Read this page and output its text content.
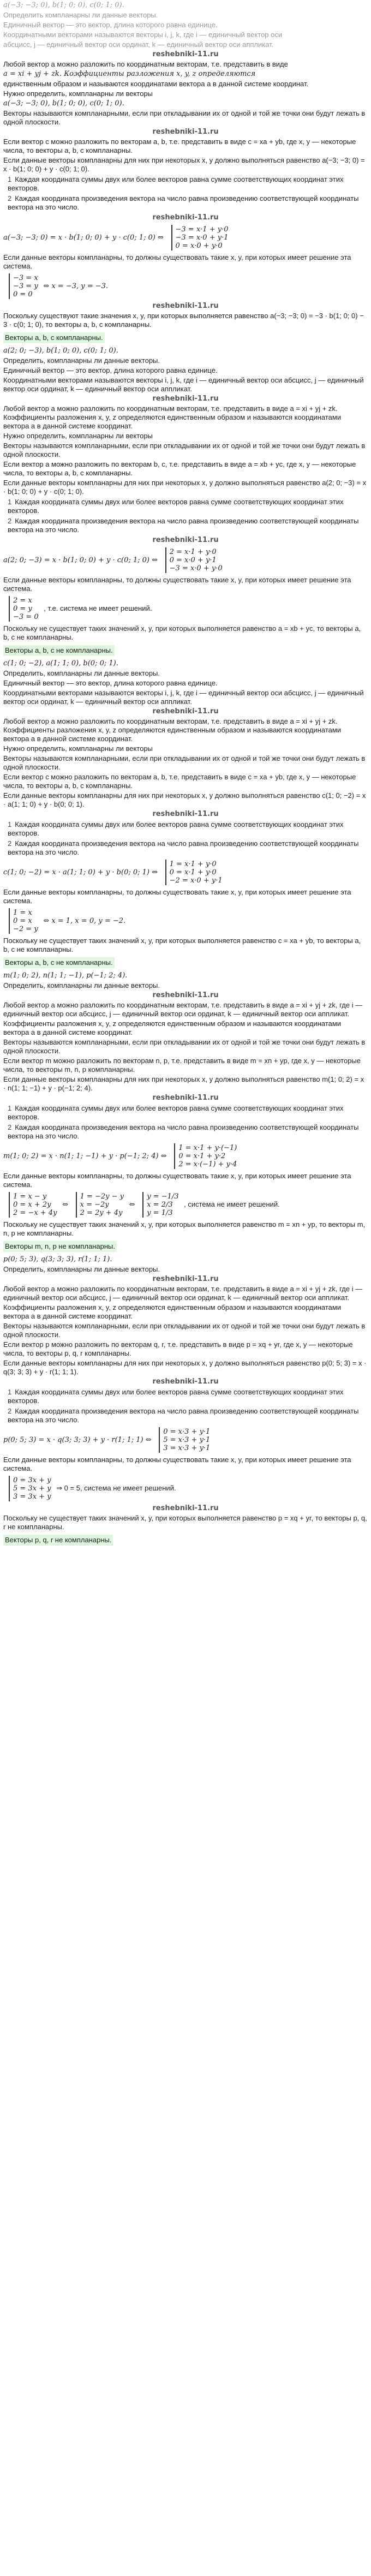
a(−3; −3; 0), b(1; 0; 0), c(0; 1; 0).
Определить компланарны ли данные векторы.
Единичный вектор — это вектор, длина которого равна единице.
Координатными векторами называются векторы i, j, k, где i — единичный вектор оси
абсцисс, j — единичный вектор оси ординат, k — единичный вектор оси аппликат.
reshebniki-11.ru
Любой вектор a можно разложить по координатным векторам, т.е. представить в виде
a = xi + yj + zk. Коэффициенты разложения x, y, z определяются
единственным образом и называются координатами вектора a в данной системе координат.
Нужно определить, компланарны ли векторы
a(−3; −3; 0), b(1; 0; 0), c(0; 1; 0).
Векторы называются компланарными, если при откладывании их от одной и той же точки они будут лежать в одной плоскости.
reshebniki-11.ru
Если вектор c можно разложить по векторам a, b, т.е. представить в виде c = xa + yb, где x, y — некоторые числа, то векторы a, b, c компланарны.
Если данные векторы компланарны для них при некоторых x, y должно выполняться равенство a(−3; −3; 0) = x · b(1; 0; 0) + y · c(0; 1; 0).
1 Каждая координата суммы двух или более векторов равна сумме соответствующих координат этих векторов.
2 Каждая координата произведения вектора на число равна произведению соответствующей координаты вектора на это число.
reshebniki-11.ru
a(−3; −3; 0) = x · b(1; 0; 0) + y · c(0; 1; 0) ⇔
−3 = x·1 + y·0
−3 = x·0 + y·1
0 = x·0 + y·0
Если данные векторы компланарны, то должны существовать такие x, y, при которых имеет решение эта система.
−3 = x
−3 = y
0 = 0
⇔ x = −3, y = −3.
reshebniki-11.ru
Поскольку существуют такие значения x, y, при которых выполняется равенство a(−3; −3; 0) = −3 · b(1; 0; 0) − 3 · c(0; 1; 0), то векторы a, b, c компланарны.
Векторы a, b, c компланарны.
a(2; 0; −3), b(1; 0; 0), c(0; 1; 0).
Определить, компланарны ли данные векторы.
Единичный вектор — это вектор, длина которого равна единице.
Координатными векторами называются векторы i, j, k, где i — единичный вектор оси абсцисс, j — единичный вектор оси ординат, k — единичный вектор оси аппликат.
reshebniki-11.ru
Любой вектор a можно разложить по координатным векторам, т.е. представить в виде a = xi + yj + zk. Коэффициенты разложения x, y, z определяются единственным образом и называются координатами вектора a в данной системе координат.
Нужно определить, компланарны ли векторы
Векторы называются компланарными, если при откладывании их от одной и той же точки они будут лежать в одной плоскости.
Если вектор a можно разложить по векторам b, c, т.е. представить в виде a = xb + yc, где x, y — некоторые числа, то векторы a, b, c компланарны.
Если данные векторы компланарны для них при некоторых x, y должно выполняться равенство a(2; 0; −3) = x · b(1; 0; 0) + y · c(0; 1; 0).
1 Каждая координата суммы двух или более векторов равна сумме соответствующих координат этих векторов.
2 Каждая координата произведения вектора на число равна произведению соответствующей координаты вектора на это число.
reshebniki-11.ru
a(2; 0; −3) = x · b(1; 0; 0) + y · c(0; 1; 0) ⇔
2 = x·1 + y·0
0 = x·0 + y·1
−3 = x·0 + y·0
Если данные векторы компланарны, то должны существовать такие x, y, при которых имеет решение эта система.
2 = x
0 = y
−3 = 0
, т.е. система не имеет решений.
Поскольку не существует таких значений x, y, при которых выполняется равенство a = xb + yc, то векторы a, b, c не компланарны.
Векторы a, b, c не компланарны.
c(1; 0; −2), a(1; 1; 0), b(0; 0; 1).
Определить, компланарны ли данные векторы.
Единичный вектор — это вектор, длина которого равна единице.
Координатными векторами называются векторы i, j, k, где i — единичный вектор оси абсцисс, j — единичный вектор оси ординат, k — единичный вектор оси аппликат.
reshebniki-11.ru
Любой вектор a можно разложить по координатным векторам, т.е. представить в виде a = xi + yj + zk. Коэффициенты разложения x, y, z определяются единственным образом и называются координатами вектора a в данной системе координат.
Нужно определить, компланарны ли векторы
Векторы называются компланарными, если при откладывании их от одной и той же точки они будут лежать в одной плоскости.
Если вектор c можно разложить по векторам a, b, т.е. представить в виде c = xa + yb, где x, y — некоторые числа, то векторы a, b, c компланарны.
Если данные векторы компланарны для них при некоторых x, y должно выполняться равенство c(1; 0; −2) = x · a(1; 1; 0) + y · b(0; 0; 1).
reshebniki-11.ru
1 Каждая координата суммы двух или более векторов равна сумме соответствующих координат этих векторов.
2 Каждая координата произведения вектора на число равна произведению соответствующей координаты вектора на это число.
c(1; 0; −2) = x · a(1; 1; 0) + y · b(0; 0; 1) ⇔
1 = x·1 + y·0
0 = x·1 + y·0
−2 = x·0 + y·1
Если данные векторы компланарны, то должны существовать такие x, y, при которых имеет решение эта система.
1 = x
0 = x
−2 = y
⇔ x = 1, x = 0, y = −2.
Поскольку не существует таких значений x, y, при которых выполняется равенство c = xa + yb, то векторы a, b, c не компланарны.
Векторы a, b, c не компланарны.
m(1; 0; 2), n(1; 1; −1), p(−1; 2; 4).
Определить, компланарны ли данные векторы.
reshebniki-11.ru
Любой вектор a можно разложить по координатным векторам, т.е. представить в виде a = xi + yj + zk, где i — единичный вектор оси абсцисс, j — единичный вектор оси ординат, k — единичный вектор оси аппликат.
Коэффициенты разложения x, y, z определяются единственным образом и называются координатами вектора a в данной системе координат.
Векторы называются компланарными, если при откладывании их от одной и той же точки они будут лежать в одной плоскости.
Если вектор m можно разложить по векторам n, p, т.е. представить в виде m = xn + yp, где x, y — некоторые числа, то векторы m, n, p компланарны.
Если данные векторы компланарны для них при некоторых x, y должно выполняться равенство m(1; 0; 2) = x · n(1; 1; −1) + y · p(−1; 2; 4).
reshebniki-11.ru
1 Каждая координата суммы двух или более векторов равна сумме соответствующих координат этих векторов.
2 Каждая координата произведения вектора на число равна произведению соответствующей координаты вектора на это число.
m(1; 0; 2) = x · n(1; 1; −1) + y · p(−1; 2; 4) ⇔
1 = x·1 + y·(−1)
0 = x·1 + y·2
2 = x·(−1) + y·4
Если данные векторы компланарны, то должны существовать такие x, y, при которых имеет решение эта система.
1 = x − y
0 = x + 2y
2 = −x + 4y
⇔
1 = −2y − y
x = −2y
2 = 2y + 4y
⇔
y = −1/3
x = 2/3
y = 1/3
, система не имеет решений.
Поскольку не существует таких значений x, y, при которых выполняется равенство m = xn + yp, то векторы m, n, p не компланарны.
Векторы m, n, p не компланарны.
p(0; 5; 3), q(3; 3; 3), r(1; 1; 1).
Определить, компланарны ли данные векторы.
reshebniki-11.ru
Любой вектор a можно разложить по координатным векторам, т.е. представить в виде a = xi + yj + zk, где i — единичный вектор оси абсцисс, j — единичный вектор оси ординат, k — единичный вектор оси аппликат.
Коэффициенты разложения x, y, z определяются единственным образом и называются координатами вектора a в данной системе координат.
Векторы называются компланарными, если при откладывании их от одной и той же точки они будут лежать в одной плоскости.
Если вектор p можно разложить по векторам q, r, т.е. представить в виде p = xq + yr, где x, y — некоторые числа, то векторы p, q, r компланарны.
Если данные векторы компланарны для них при некоторых x, y должно выполняться равенство p(0; 5; 3) = x · q(3; 3; 3) + y · r(1; 1; 1).
reshebniki-11.ru
1 Каждая координата суммы двух или более векторов равна сумме соответствующих координат этих векторов.
2 Каждая координата произведения вектора на число равна произведению соответствующей координаты вектора на это число.
p(0; 5; 3) = x · q(3; 3; 3) + y · r(1; 1; 1) ⇔
0 = x·3 + y·1
5 = x·3 + y·1
3 = x·3 + y·1
Если данные векторы компланарны, то должны существовать такие x, y, при которых имеет решение эта система.
0 = 3x + y
5 = 3x + y
3 = 3x + y
⇒ 0 = 5, система не имеет решений.
reshebniki-11.ru
Поскольку не существует таких значений x, y, при которых выполняется равенство p = xq + yr, то векторы p, q, r не компланарны.
Векторы p, q, r не компланарны.
